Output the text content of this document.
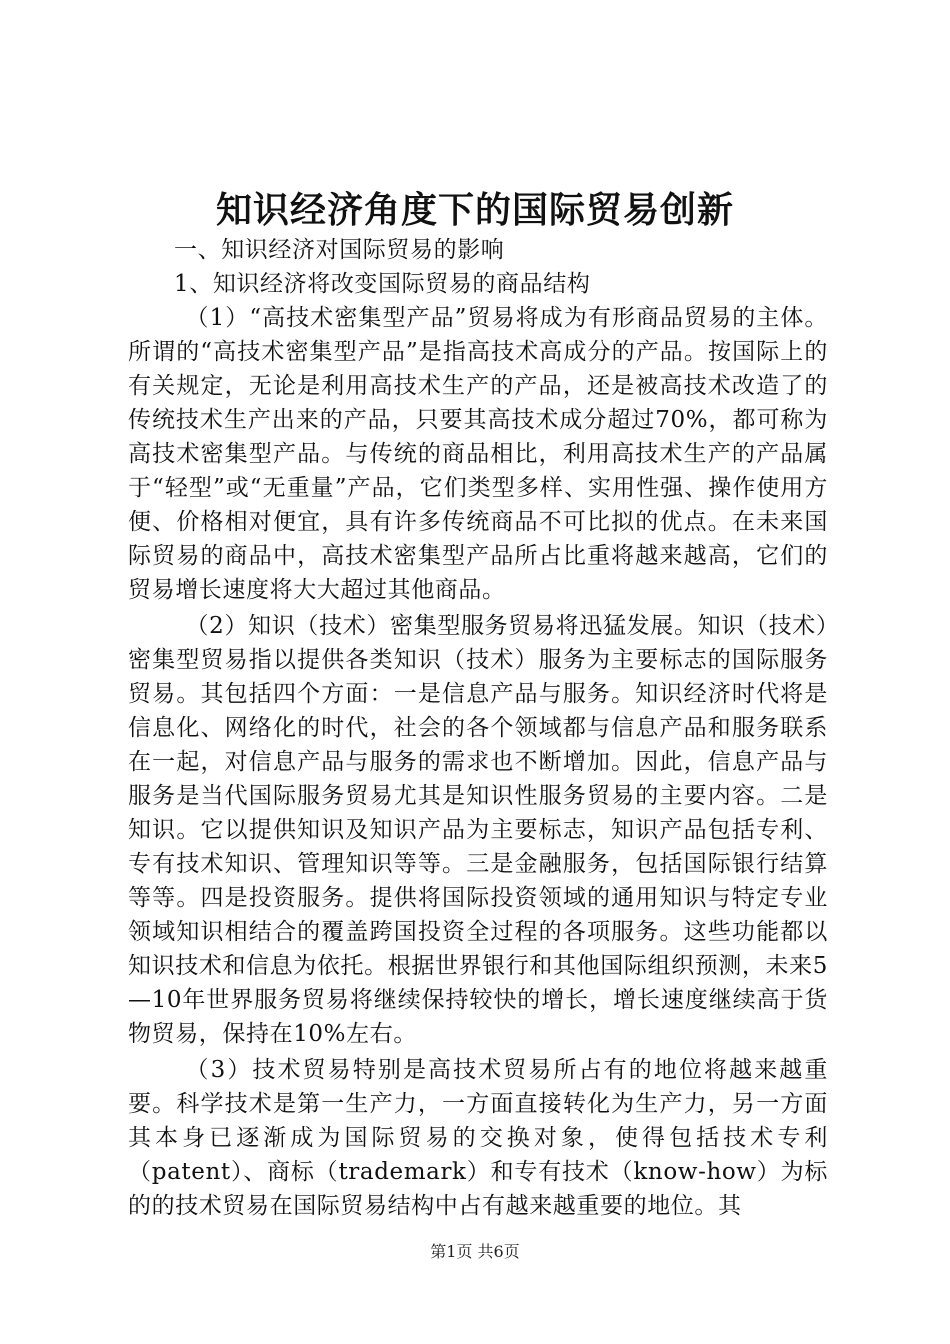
知识经济角度下的国际贸易创新

一、知识经济对国际贸易的影响

1、知识经济将改变国际贸易的商品结构

（1）“高技术密集型产品”贸易将成为有形商品贸易的主体。所谓的“高技术密集型产品”是指高技术高成分的产品。按国际上的有关规定，无论是利用高技术生产的产品，还是被高技术改造了的传统技术生产出来的产品，只要其高技术成分超过70%，都可称为高技术密集型产品。与传统的商品相比，利用高技术生产的产品属于“轻型”或“无重量”产品，它们类型多样、实用性强、操作使用方便、价格相对便宜，具有许多传统商品不可比拟的优点。在未来国际贸易的商品中，高技术密集型产品所占比重将越来越高，它们的贸易增长速度将大大超过其他商品。

（2）知识（技术）密集型服务贸易将迅猛发展。知识（技术）密集型贸易指以提供各类知识（技术）服务为主要标志的国际服务贸易。其包括四个方面：一是信息产品与服务。知识经济时代将是信息化、网络化的时代，社会的各个领域都与信息产品和服务联系在一起，对信息产品与服务的需求也不断增加。因此，信息产品与服务是当代国际服务贸易尤其是知识性服务贸易的主要内容。二是知识。它以提供知识及知识产品为主要标志，知识产品包括专利、专有技术知识、管理知识等等。三是金融服务，包括国际银行结算等等。四是投资服务。提供将国际投资领域的通用知识与特定专业领域知识相结合的覆盖跨国投资全过程的各项服务。这些功能都以知识技术和信息为依托。根据世界银行和其他国际组织预测，未来5—10年世界服务贸易将继续保持较快的增长，增长速度继续高于货物贸易，保持在10%左右。

（3）技术贸易特别是高技术贸易所占有的地位将越来越重要。科学技术是第一生产力，一方面直接转化为生产力，另一方面其本身已逐渐成为国际贸易的交换对象，使得包括技术专利（patent）、商标（trademark）和专有技术（know-how）为标的的技术贸易在国际贸易结构中占有越来越重要的地位。其

第1页 共6页
